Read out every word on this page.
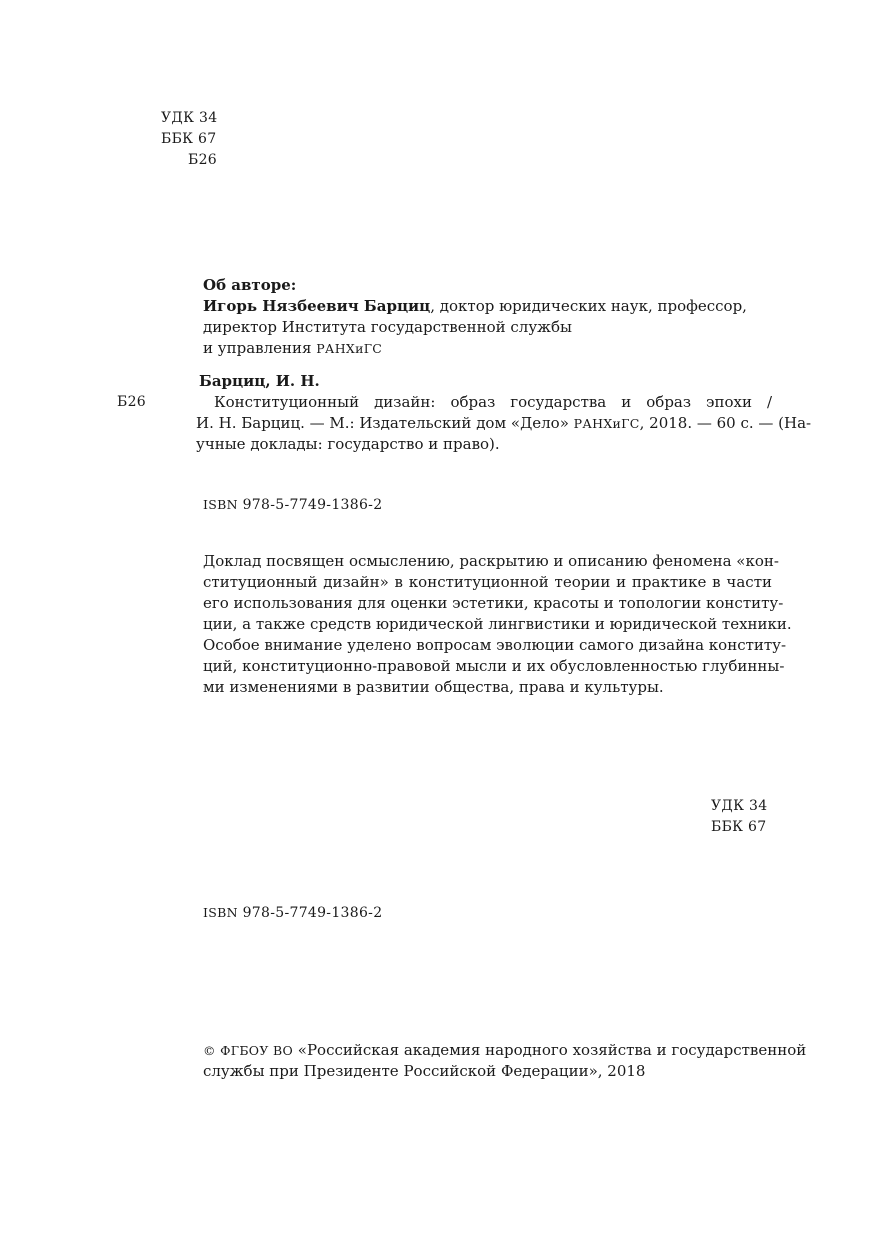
УДК 34
ББК 67
Б26
Об авторе:
Игорь Нязбеевич Барциц, доктор юридических наук, профессор,
директор Института государственной службы
и управления РАНХиГС
Б26
Барциц, И. Н.
Конституционный дизайн: образ государства и образ эпохи /
И. Н. Барциц. — М.: Издательский дом «Дело» РАНХиГС, 2018. — 60 с. — (На-
учные доклады: государство и право).
ISBN 978-5-7749-1386-2
Доклад посвящен осмыслению, раскрытию и описанию феномена «кон-
ституционный дизайн» в конституционной теории и практике в части
его использования для оценки эстетики, красоты и топологии конститу-
ции, а также средств юридической лингвистики и юридической техники.
Особое внимание уделено вопросам эволюции самого дизайна конститу-
ций, конституционно-правовой мысли и их обусловленностью глубинны-
ми изменениями в развитии общества, права и культуры.
УДК 34
ББК 67
ISBN 978-5-7749-1386-2
© ФГБОУ ВО «Российская академия народного хозяйства и государственной
службы при Президенте Российской Федерации», 2018
